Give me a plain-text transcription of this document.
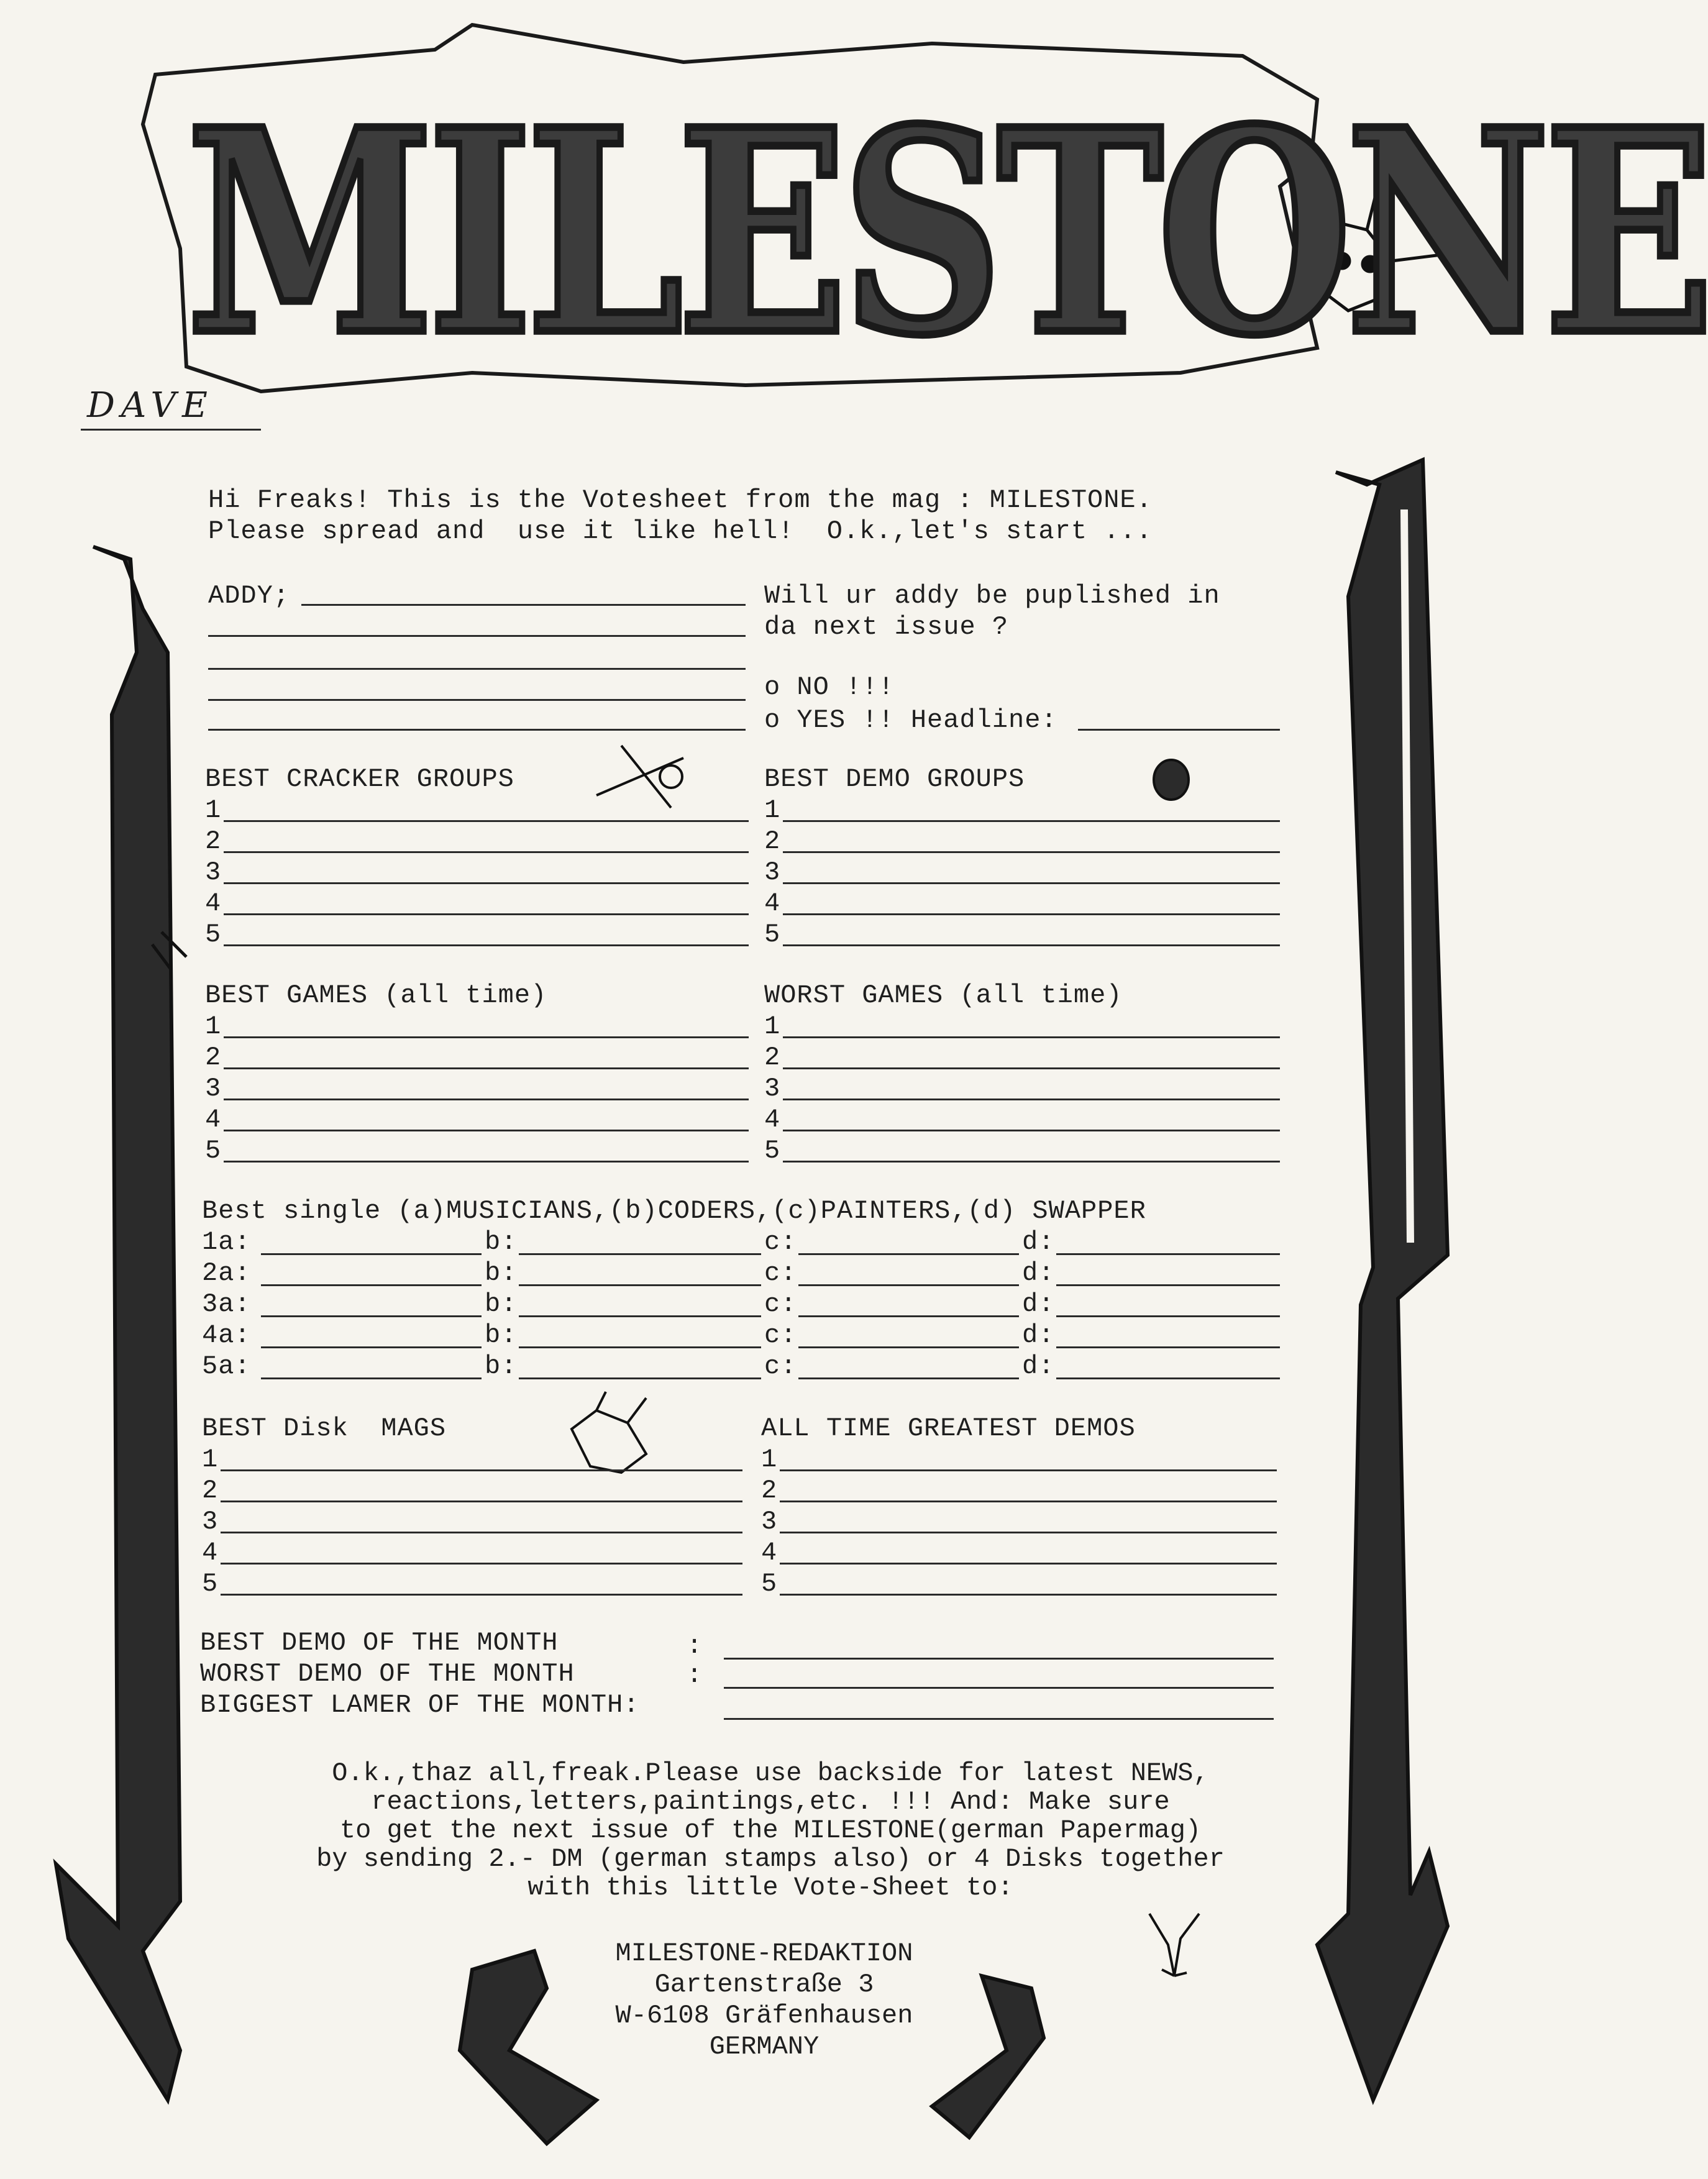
MILESTONE
DAVE
Hi Freaks! This is the Votesheet from the mag : MILESTONE.
Please spread and  use it like hell!  O.k.,let's start ...
ADDY;	Will ur addy be puplished in
da next issue ?
o NO !!!
o YES !! Headline:
BEST CRACKER GROUPS
1
2
3
4
5
BEST DEMO GROUPS
1
2
3
4
5
BEST GAMES (all time)
1
2
3
4
5
WORST GAMES (all time)
1
2
3
4
5
Best single (a)MUSICIANS,(b)CODERS,(c)PAINTERS,(d) SWAPPER
1a:	b:	c:	d:
2a:	b:	c:	d:
3a:	b:	c:	d:
4a:	b:	c:	d:
5a:	b:	c:	d:
BEST Disk  MAGS
1
2
3
4
5
ALL TIME GREATEST DEMOS
1
2
3
4
5
BEST DEMO OF THE MONTH	:
WORST DEMO OF THE MONTH	:
BIGGEST LAMER OF THE MONTH:
O.k.,thaz all,freak.Please use backside for latest NEWS,
reactions,letters,paintings,etc. !!! And: Make sure
to get the next issue of the MILESTONE(german Papermag)
by sending 2.- DM (german stamps also) or 4 Disks together
with this little Vote-Sheet to:
MILESTONE-REDAKTION
Gartenstraße 3
W-6108 Gräfenhausen
GERMANY
